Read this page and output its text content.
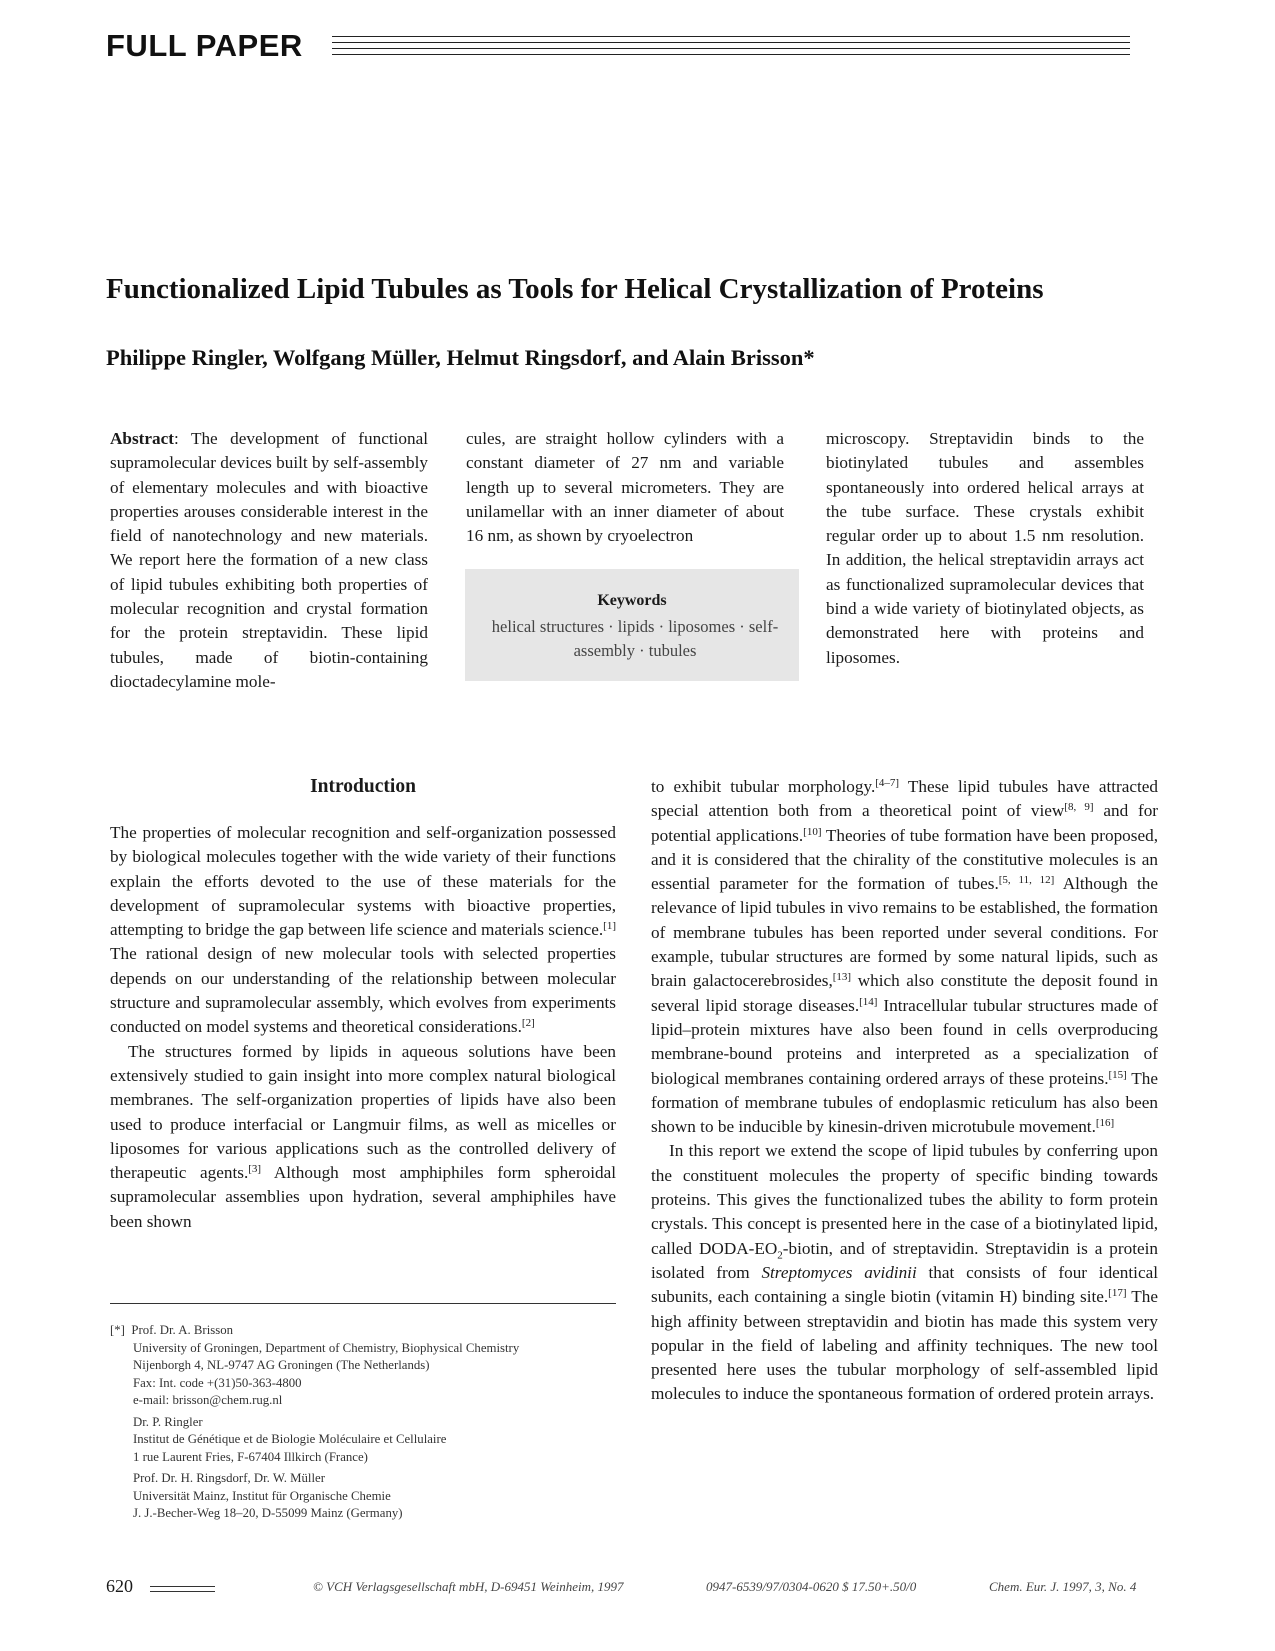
FULL PAPER
Functionalized Lipid Tubules as Tools for Helical Crystallization of Proteins
Philippe Ringler, Wolfgang Müller, Helmut Ringsdorf, and Alain Brisson*
Abstract: The development of functional supramolecular devices built by self-assembly of elementary molecules and with bioactive properties arouses considerable interest in the field of nanotechnology and new materials. We report here the formation of a new class of lipid tubules exhibiting both properties of molecular recognition and crystal formation for the protein streptavidin. These lipid tubules, made of biotin-containing dioctadecylamine mole-
cules, are straight hollow cylinders with a constant diameter of 27 nm and variable length up to several micrometers. They are unilamellar with an inner diameter of about 16 nm, as shown by cryoelectron
microscopy. Streptavidin binds to the biotinylated tubules and assembles spontaneously into ordered helical arrays at the tube surface. These crystals exhibit regular order up to about 1.5 nm resolution. In addition, the helical streptavidin arrays act as functionalized supramolecular devices that bind a wide variety of biotinylated objects, as demonstrated here with proteins and liposomes.
Keywords
helical structures · lipids · liposomes · self-assembly · tubules
Introduction
The properties of molecular recognition and self-organization possessed by biological molecules together with the wide variety of their functions explain the efforts devoted to the use of these materials for the development of supramolecular systems with bioactive properties, attempting to bridge the gap between life science and materials science.[1] The rational design of new molecular tools with selected properties depends on our understanding of the relationship between molecular structure and supramolecular assembly, which evolves from experiments conducted on model systems and theoretical considerations.[2]
The structures formed by lipids in aqueous solutions have been extensively studied to gain insight into more complex natural biological membranes. The self-organization properties of lipids have also been used to produce interfacial or Langmuir films, as well as micelles or liposomes for various applications such as the controlled delivery of therapeutic agents.[3] Although most amphiphiles form spheroidal supramolecular assemblies upon hydration, several amphiphiles have been shown
to exhibit tubular morphology.[4–7] These lipid tubules have attracted special attention both from a theoretical point of view[8, 9] and for potential applications.[10] Theories of tube formation have been proposed, and it is considered that the chirality of the constitutive molecules is an essential parameter for the formation of tubes.[5, 11, 12] Although the relevance of lipid tubules in vivo remains to be established, the formation of membrane tubules has been reported under several conditions. For example, tubular structures are formed by some natural lipids, such as brain galactocerebrosides,[13] which also constitute the deposit found in several lipid storage diseases.[14] Intracellular tubular structures made of lipid–protein mixtures have also been found in cells overproducing membrane-bound proteins and interpreted as a specialization of biological membranes containing ordered arrays of these proteins.[15] The formation of membrane tubules of endoplasmic reticulum has also been shown to be inducible by kinesin-driven microtubule movement.[16]
In this report we extend the scope of lipid tubules by conferring upon the constituent molecules the property of specific binding towards proteins. This gives the functionalized tubes the ability to form protein crystals. This concept is presented here in the case of a biotinylated lipid, called DODA-$EO_2$-biotin, and of streptavidin. Streptavidin is a protein isolated from Streptomyces avidinii that consists of four identical subunits, each containing a single biotin (vitamin H) binding site.[17] The high affinity between streptavidin and biotin has made this system very popular in the field of labeling and affinity techniques. The new tool presented here uses the tubular morphology of self-assembled lipid molecules to induce the spontaneous formation of ordered protein arrays.
[*] Prof. Dr. A. Brisson
University of Groningen, Department of Chemistry, Biophysical Chemistry
Nijenborgh 4, NL-9747 AG Groningen (The Netherlands)
Fax: Int. code +(31)50-363-4800
e-mail: brisson@chem.rug.nl
Dr. P. Ringler
Institut de Génétique et de Biologie Moléculaire et Cellulaire
1 rue Laurent Fries, F-67404 Illkirch (France)
Prof. Dr. H. Ringsdorf, Dr. W. Müller
Universität Mainz, Institut für Organische Chemie
J. J.-Becher-Weg 18–20, D-55099 Mainz (Germany)
620	© VCH Verlagsgesellschaft mbH, D-69451 Weinheim, 1997	0947-6539/97/0304-0620 $ 17.50+.50/0	Chem. Eur. J. 1997, 3, No. 4
